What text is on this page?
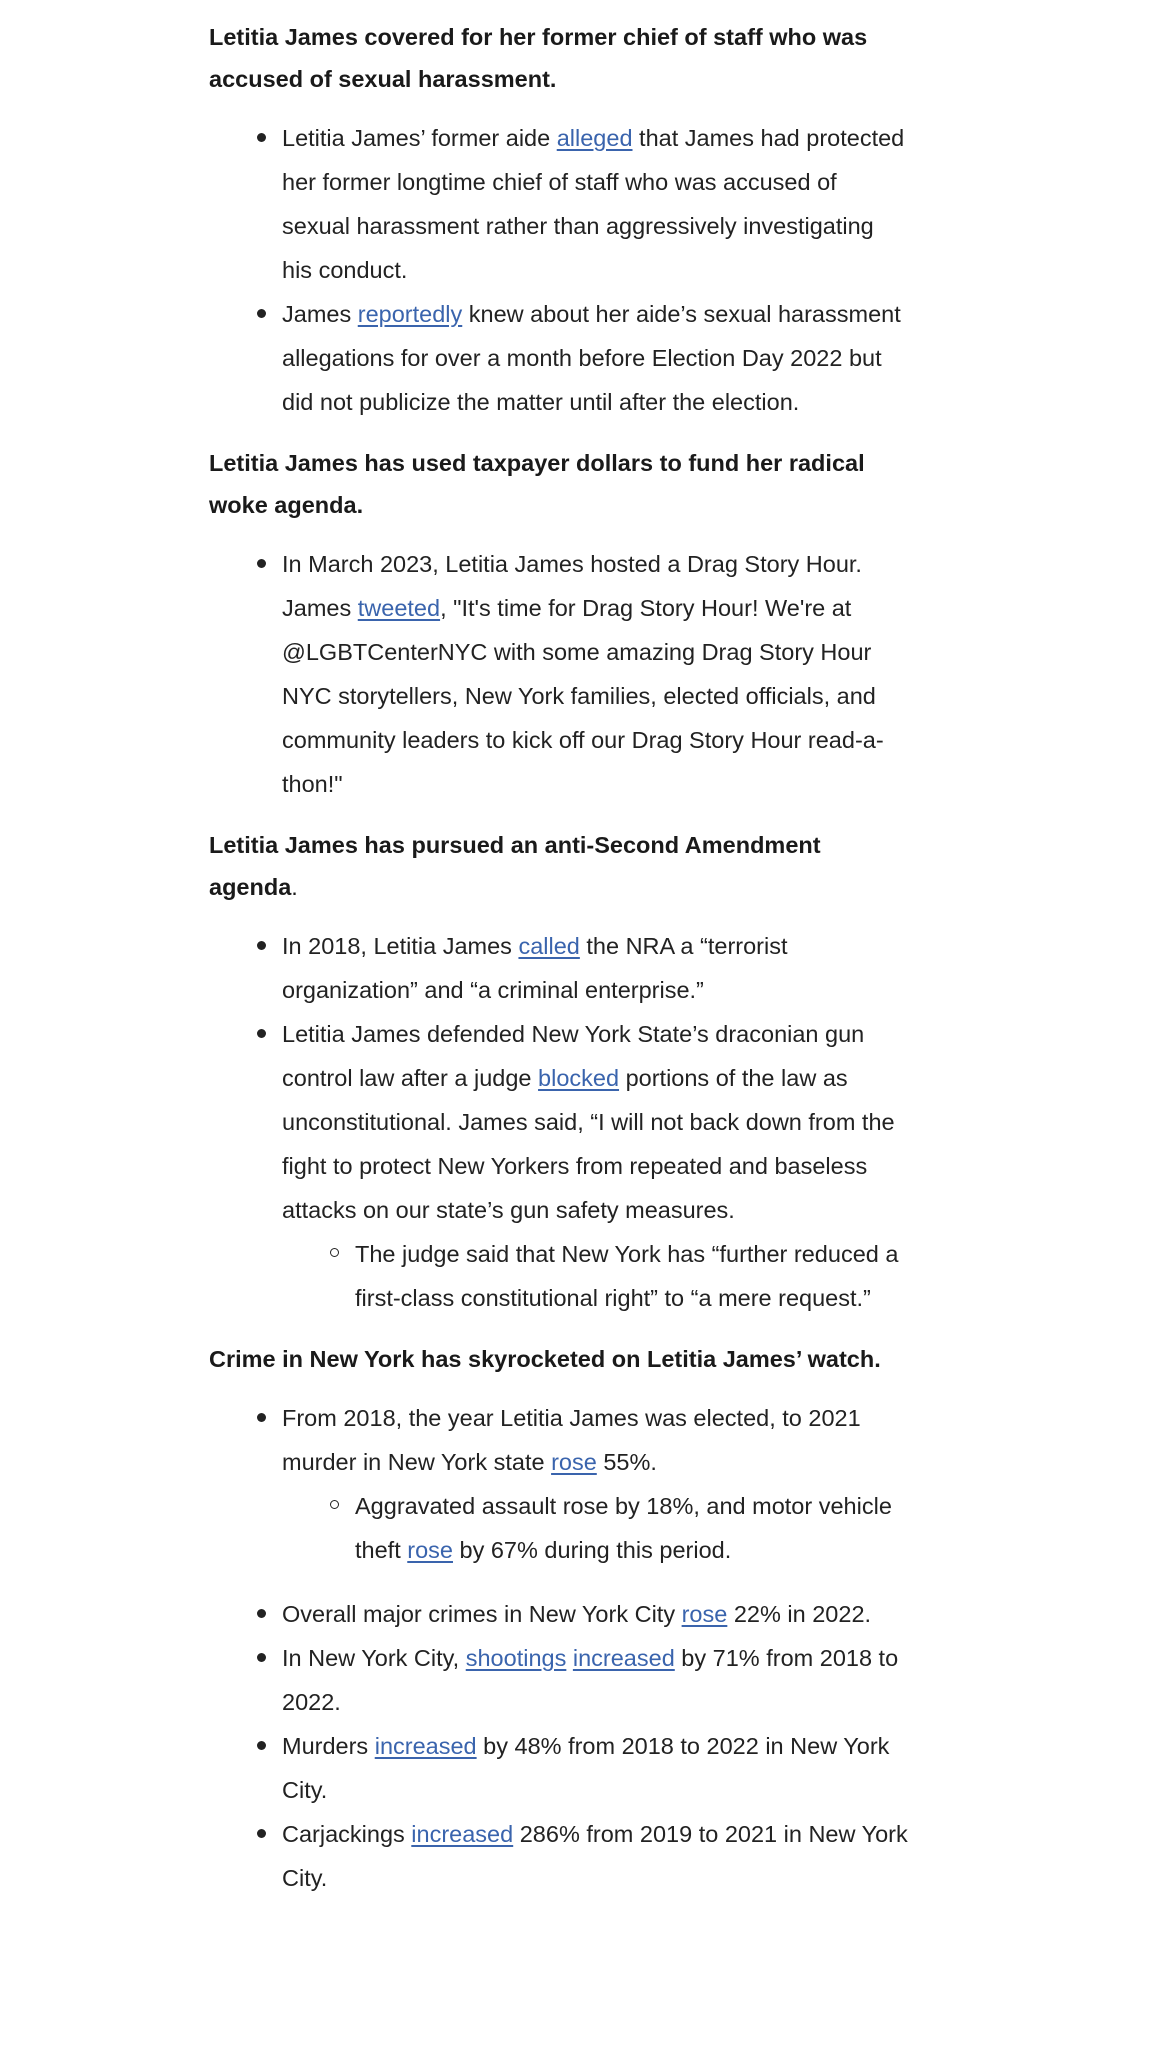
Letitia James covered for her former chief of staff who was accused of sexual harassment.

Letitia James’ former aide alleged that James had protected her former longtime chief of staff who was accused of sexual harassment rather than aggressively investigating his conduct.
James reportedly knew about her aide’s sexual harassment allegations for over a month before Election Day 2022 but did not publicize the matter until after the election.

Letitia James has used taxpayer dollars to fund her radical woke agenda.

In March 2023, Letitia James hosted a Drag Story Hour. James tweeted, "It's time for Drag Story Hour! We're at @LGBTCenterNYC with some amazing Drag Story Hour NYC storytellers, New York families, elected officials, and community leaders to kick off our Drag Story Hour read-a-thon!"

Letitia James has pursued an anti-Second Amendment agenda.

In 2018, Letitia James called the NRA a “terrorist organization” and “a criminal enterprise.”
Letitia James defended New York State’s draconian gun control law after a judge blocked portions of the law as unconstitutional. James said, “I will not back down from the fight to protect New Yorkers from repeated and baseless attacks on our state’s gun safety measures.
The judge said that New York has “further reduced a first-class constitutional right” to “a mere request.”

Crime in New York has skyrocketed on Letitia James’ watch.

From 2018, the year Letitia James was elected, to 2021 murder in New York state rose 55%.
Aggravated assault rose by 18%, and motor vehicle theft rose by 67% during this period.
Overall major crimes in New York City rose 22% in 2022.
In New York City, shootings increased by 71% from 2018 to 2022.
Murders increased by 48% from 2018 to 2022 in New York City.
Carjackings increased 286% from 2019 to 2021 in New York City.
